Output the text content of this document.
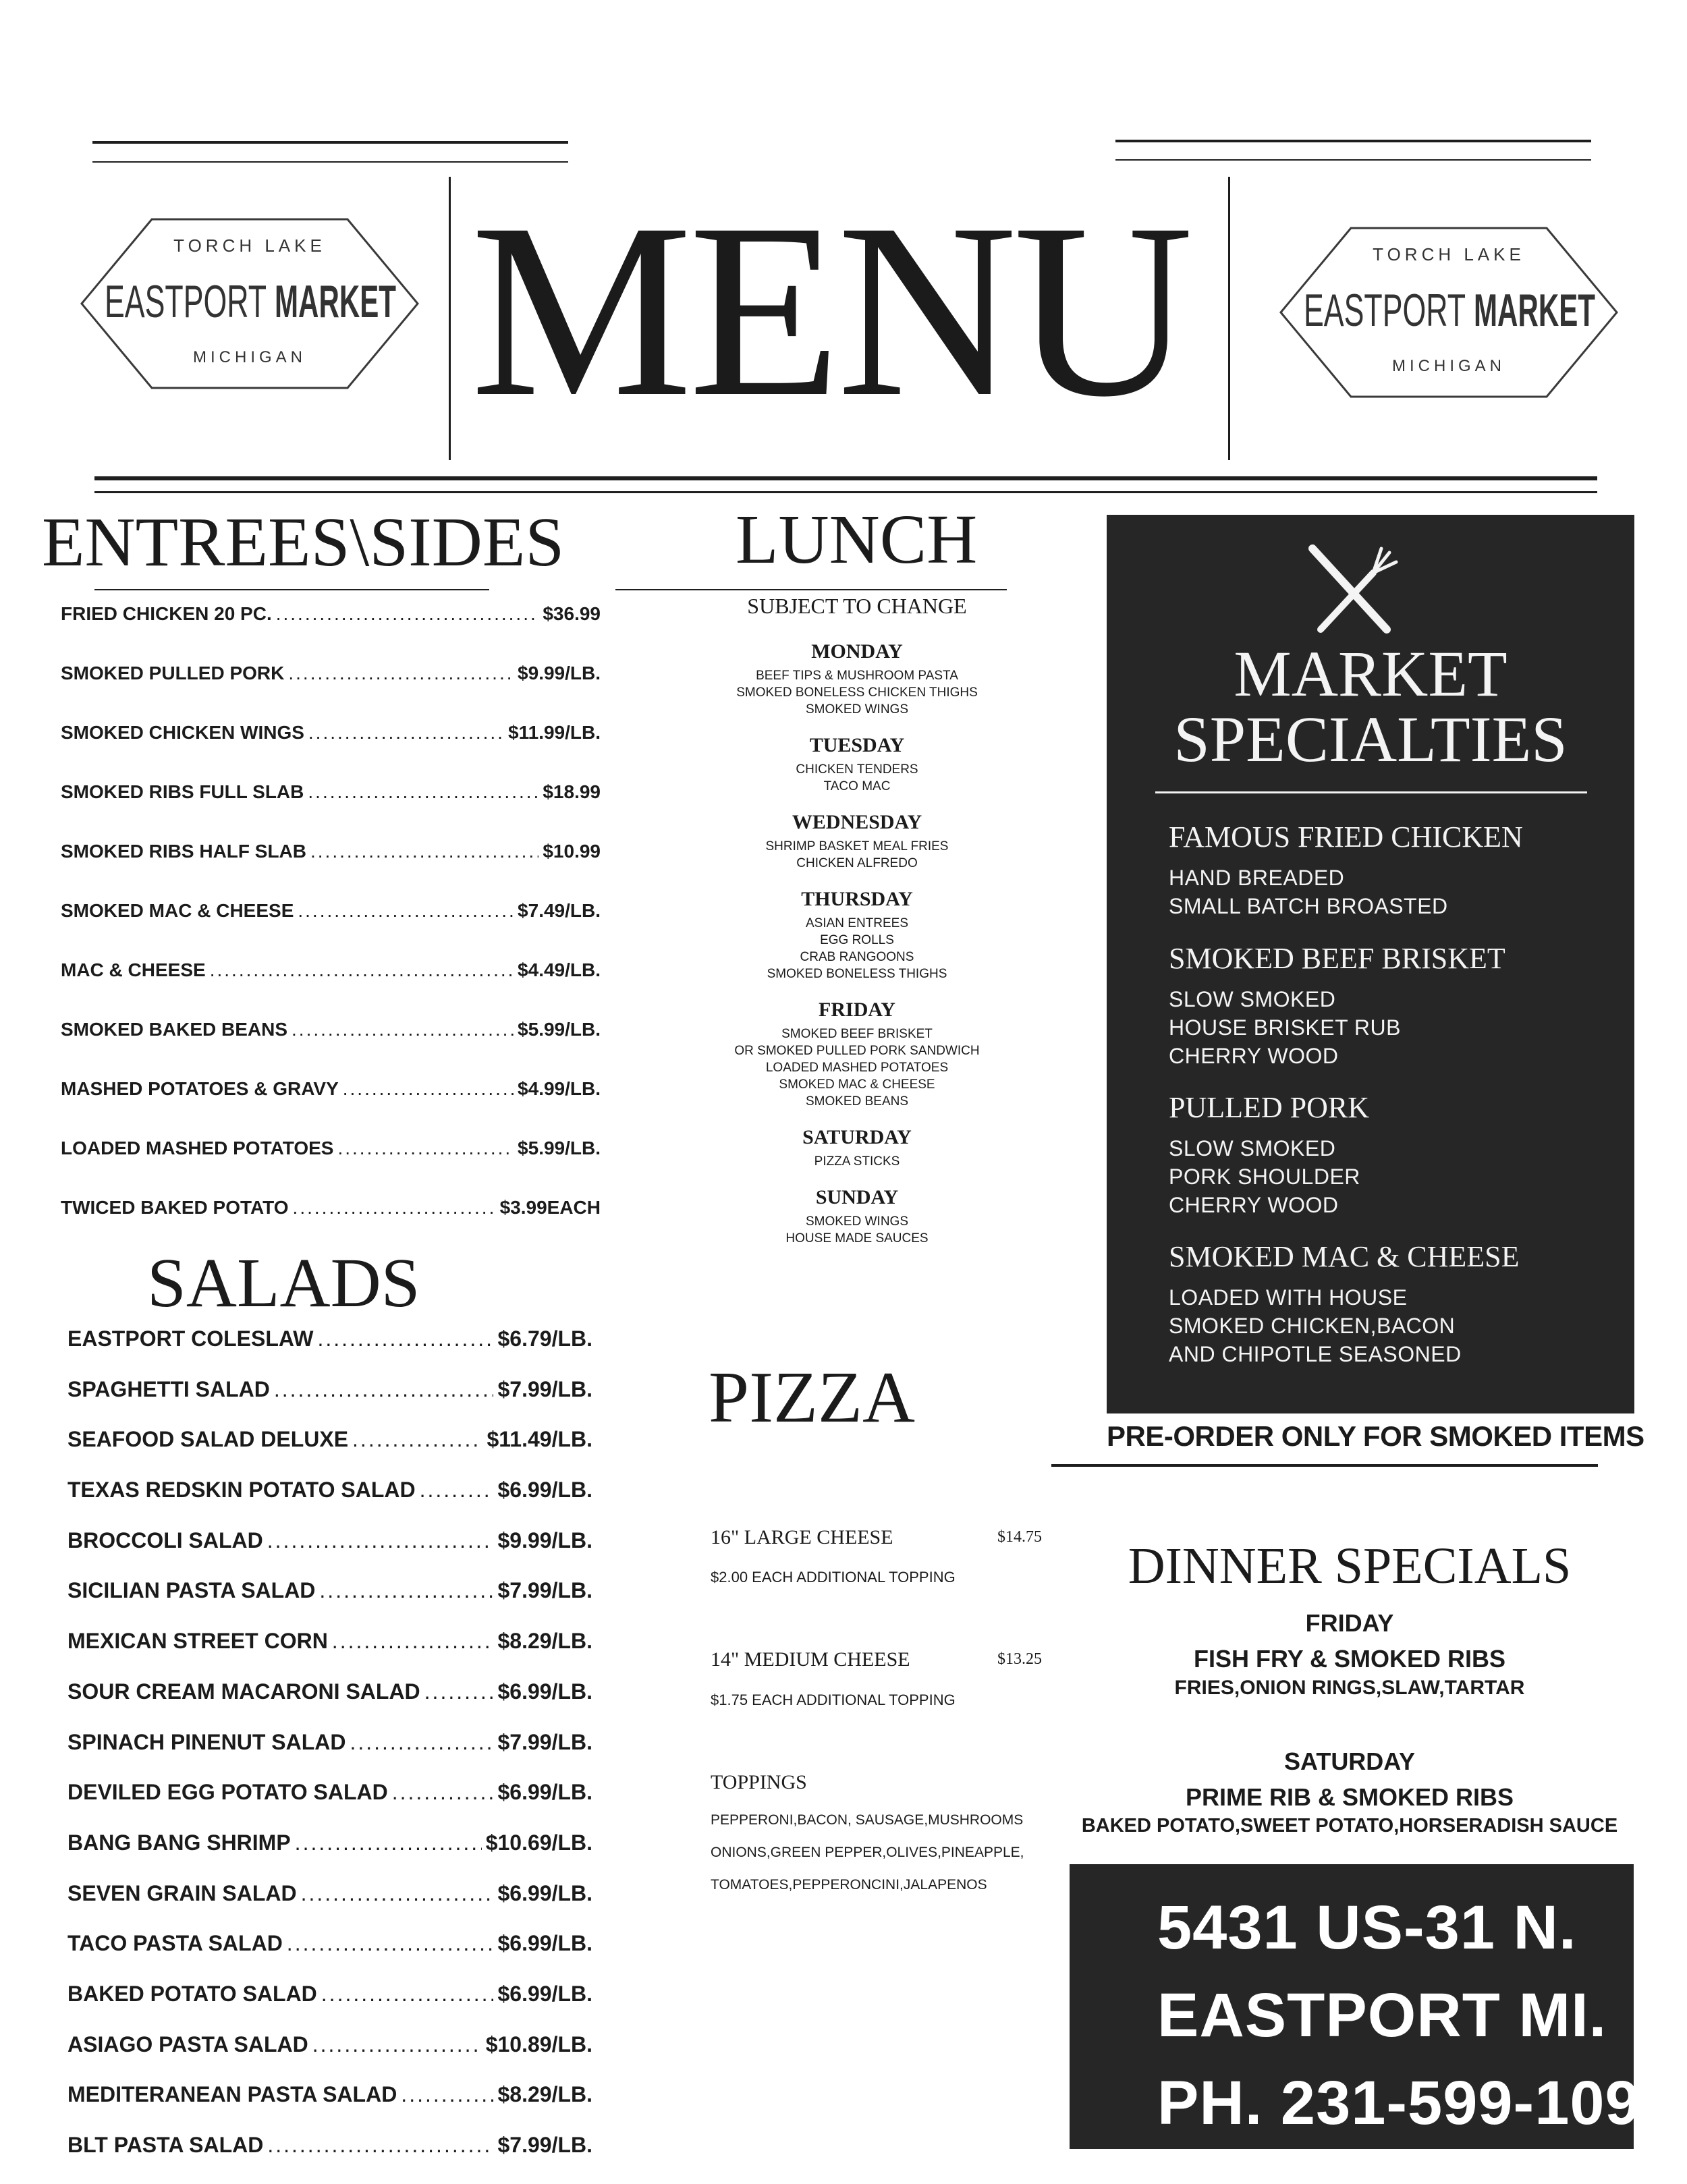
TORCH LAKE
EASTPORT MARKET
MICHIGAN
TORCH LAKE
EASTPORT MARKET
MICHIGAN
MENU
ENTREES\SIDES
FRIED CHICKEN 20 PC. .....	$36.99
SMOKED PULLED PORK .....	$9.99/LB.
SMOKED CHICKEN WINGS .....	$11.99/LB.
SMOKED RIBS FULL SLAB .....	$18.99
SMOKED RIBS HALF SLAB .....	$10.99
SMOKED MAC & CHEESE .....	$7.49/LB.
MAC & CHEESE .....	$4.49/LB.
SMOKED BAKED BEANS .....	$5.99/LB.
MASHED POTATOES & GRAVY .....	$4.99/LB.
LOADED MASHED POTATOES .....	$5.99/LB.
TWICED BAKED POTATO .....	$3.99EACH
SALADS
EASTPORT COLESLAW .....	$6.79/LB.
SPAGHETTI SALAD .....	$7.99/LB.
SEAFOOD SALAD DELUXE .....	$11.49/LB.
TEXAS REDSKIN POTATO SALAD .....	$6.99/LB.
BROCCOLI SALAD .....	$9.99/LB.
SICILIAN PASTA SALAD .....	$7.99/LB.
MEXICAN STREET CORN .....	$8.29/LB.
SOUR CREAM MACARONI SALAD .....	$6.99/LB.
SPINACH PINENUT SALAD .....	$7.99/LB.
DEVILED EGG POTATO SALAD .....	$6.99/LB.
BANG BANG SHRIMP .....	$10.69/LB.
SEVEN GRAIN SALAD .....	$6.99/LB.
TACO PASTA SALAD .....	$6.99/LB.
BAKED POTATO SALAD .....	$6.99/LB.
ASIAGO PASTA SALAD .....	$10.89/LB.
MEDITERANEAN PASTA SALAD .....	$8.29/LB.
BLT PASTA SALAD .....	$7.99/LB.
LUNCH
SUBJECT TO CHANGE
MONDAY
BEEF TIPS & MUSHROOM PASTA
SMOKED BONELESS CHICKEN THIGHS
SMOKED WINGS
TUESDAY
CHICKEN TENDERS
TACO MAC
WEDNESDAY
SHRIMP BASKET MEAL FRIES
CHICKEN ALFREDO
THURSDAY
ASIAN ENTREES
EGG ROLLS
CRAB RANGOONS
SMOKED BONELESS THIGHS
FRIDAY
SMOKED BEEF BRISKET
OR SMOKED PULLED PORK SANDWICH
LOADED MASHED POTATOES
SMOKED MAC & CHEESE
SMOKED BEANS
SATURDAY
PIZZA STICKS
SUNDAY
SMOKED WINGS
HOUSE MADE SAUCES
PIZZA
16" LARGE CHEESE	$14.75
$2.00 EACH ADDITIONAL TOPPING
14" MEDIUM CHEESE	$13.25
$1.75 EACH ADDITIONAL TOPPING
TOPPINGS
PEPPERONI,BACON, SAUSAGE,MUSHROOMS
ONIONS,GREEN PEPPER,OLIVES,PINEAPPLE,
TOMATOES,PEPPERONCINI,JALAPENOS
MARKET
SPECIALTIES
FAMOUS FRIED CHICKEN
HAND BREADED
SMALL BATCH BROASTED
SMOKED BEEF BRISKET
SLOW SMOKED
HOUSE BRISKET RUB
CHERRY WOOD
PULLED PORK
SLOW SMOKED
PORK SHOULDER
CHERRY WOOD
SMOKED MAC & CHEESE
LOADED WITH HOUSE
SMOKED CHICKEN,BACON
AND CHIPOTLE SEASONED
PRE-ORDER ONLY FOR SMOKED ITEMS
DINNER SPECIALS
FRIDAY
FISH FRY & SMOKED RIBS
FRIES,ONION RINGS,SLAW,TARTAR
SATURDAY
PRIME RIB & SMOKED RIBS
BAKED POTATO,SWEET POTATO,HORSERADISH SAUCE
5431 US-31 N.
EASTPORT MI.
PH. 231-599-1099
